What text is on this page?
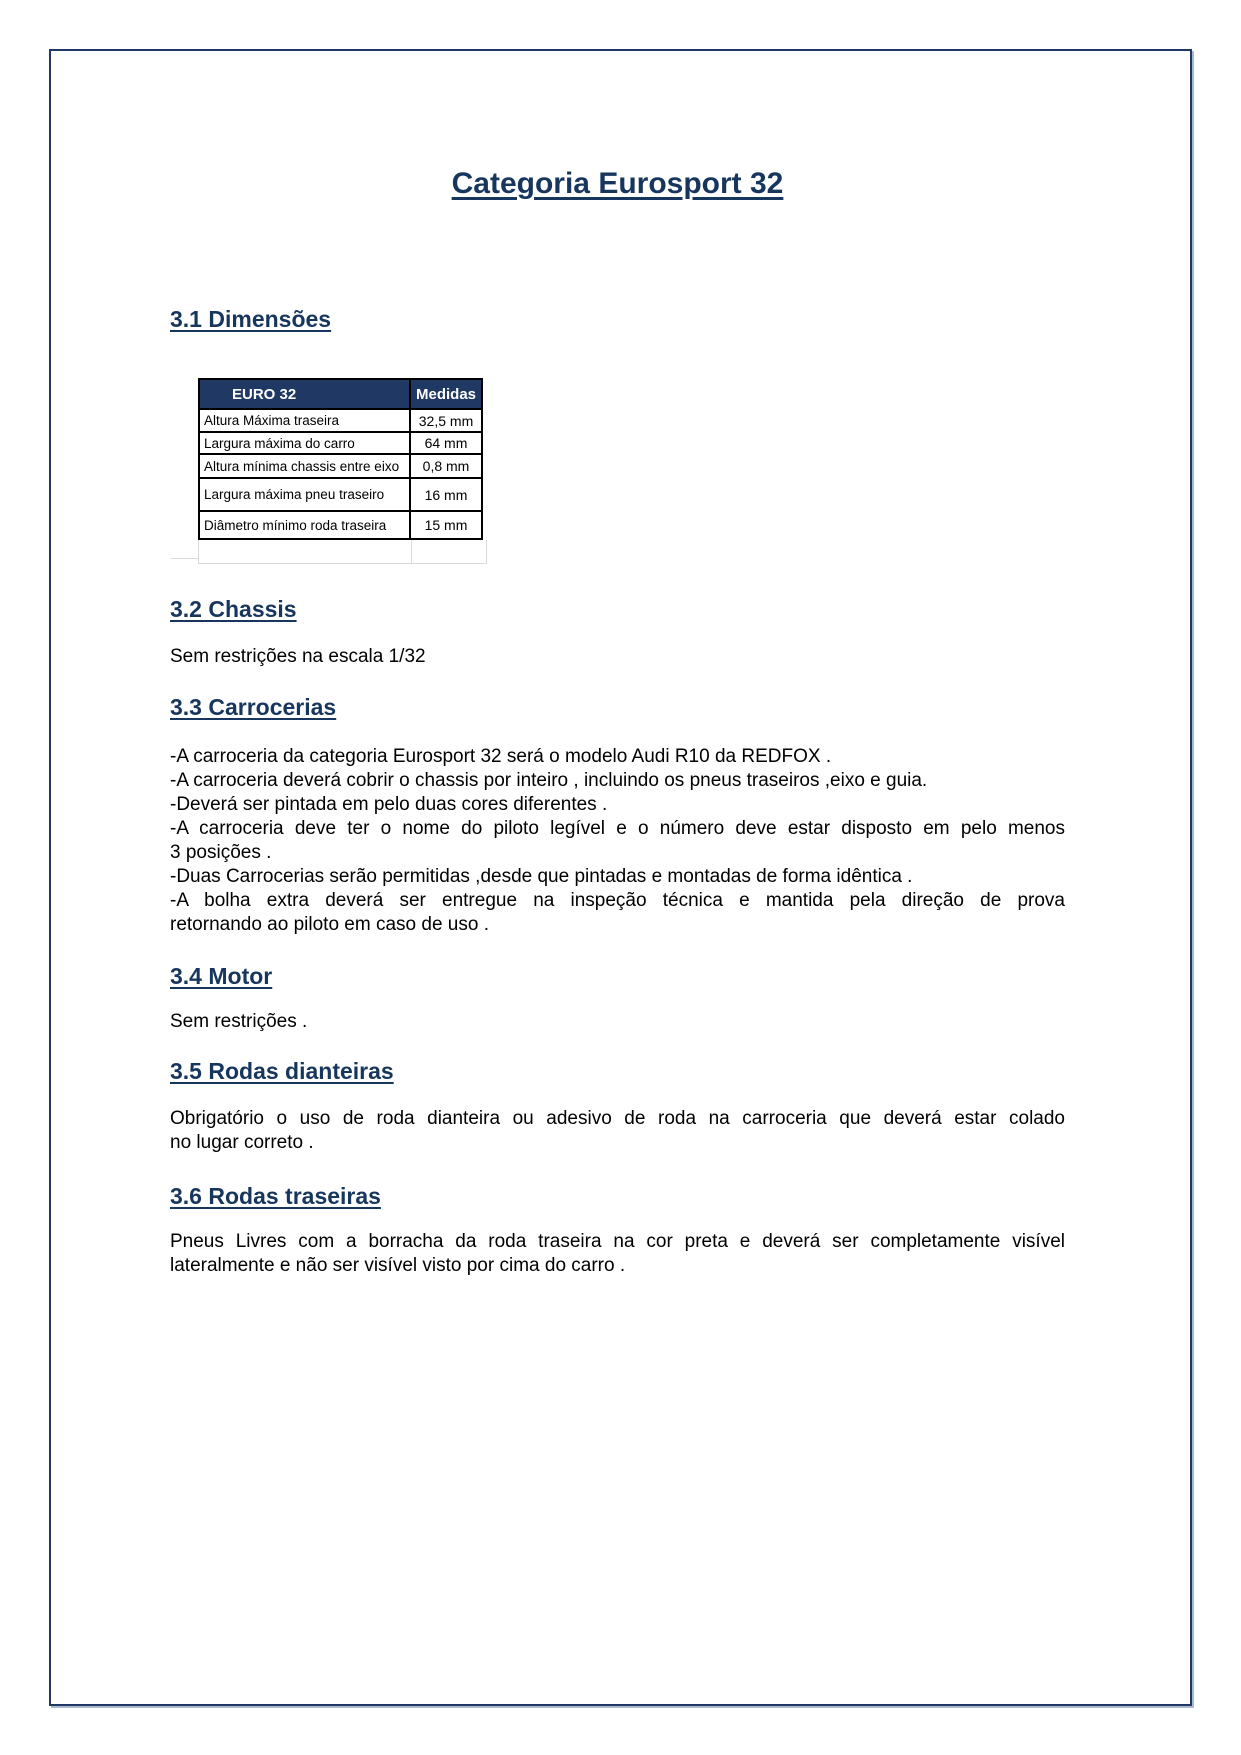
Categoria Eurosport 32
3.1 Dimensões
EURO 32	Medidas
Altura Máxima traseira	32,5 mm
Largura máxima do carro	64 mm
Altura mínima chassis entre eixo	0,8 mm
Largura máxima pneu traseiro	16 mm
Diâmetro mínimo roda traseira	15 mm
3.2 Chassis
Sem restrições na escala 1/32
3.3 Carrocerias
-A carroceria da categoria Eurosport 32 será o modelo Audi R10 da REDFOX .
-A carroceria deverá cobrir o chassis por inteiro , incluindo os pneus traseiros ,eixo e guia.
-Deverá ser pintada em pelo duas cores diferentes .
-A carroceria deve ter o nome do piloto legível e o número deve estar disposto em pelo menos
3 posições .
-Duas Carrocerias serão permitidas ,desde que pintadas e montadas de forma idêntica .
-A bolha extra deverá ser entregue na inspeção técnica e mantida pela direção de prova
retornando ao piloto em caso de uso .
3.4 Motor
Sem restrições .
3.5 Rodas dianteiras
Obrigatório o uso de roda dianteira ou adesivo de roda na carroceria que deverá estar colado
no lugar correto .
3.6 Rodas traseiras
Pneus Livres com a borracha da roda traseira na cor preta e deverá ser completamente visível
lateralmente e não ser visível visto por cima do carro .
